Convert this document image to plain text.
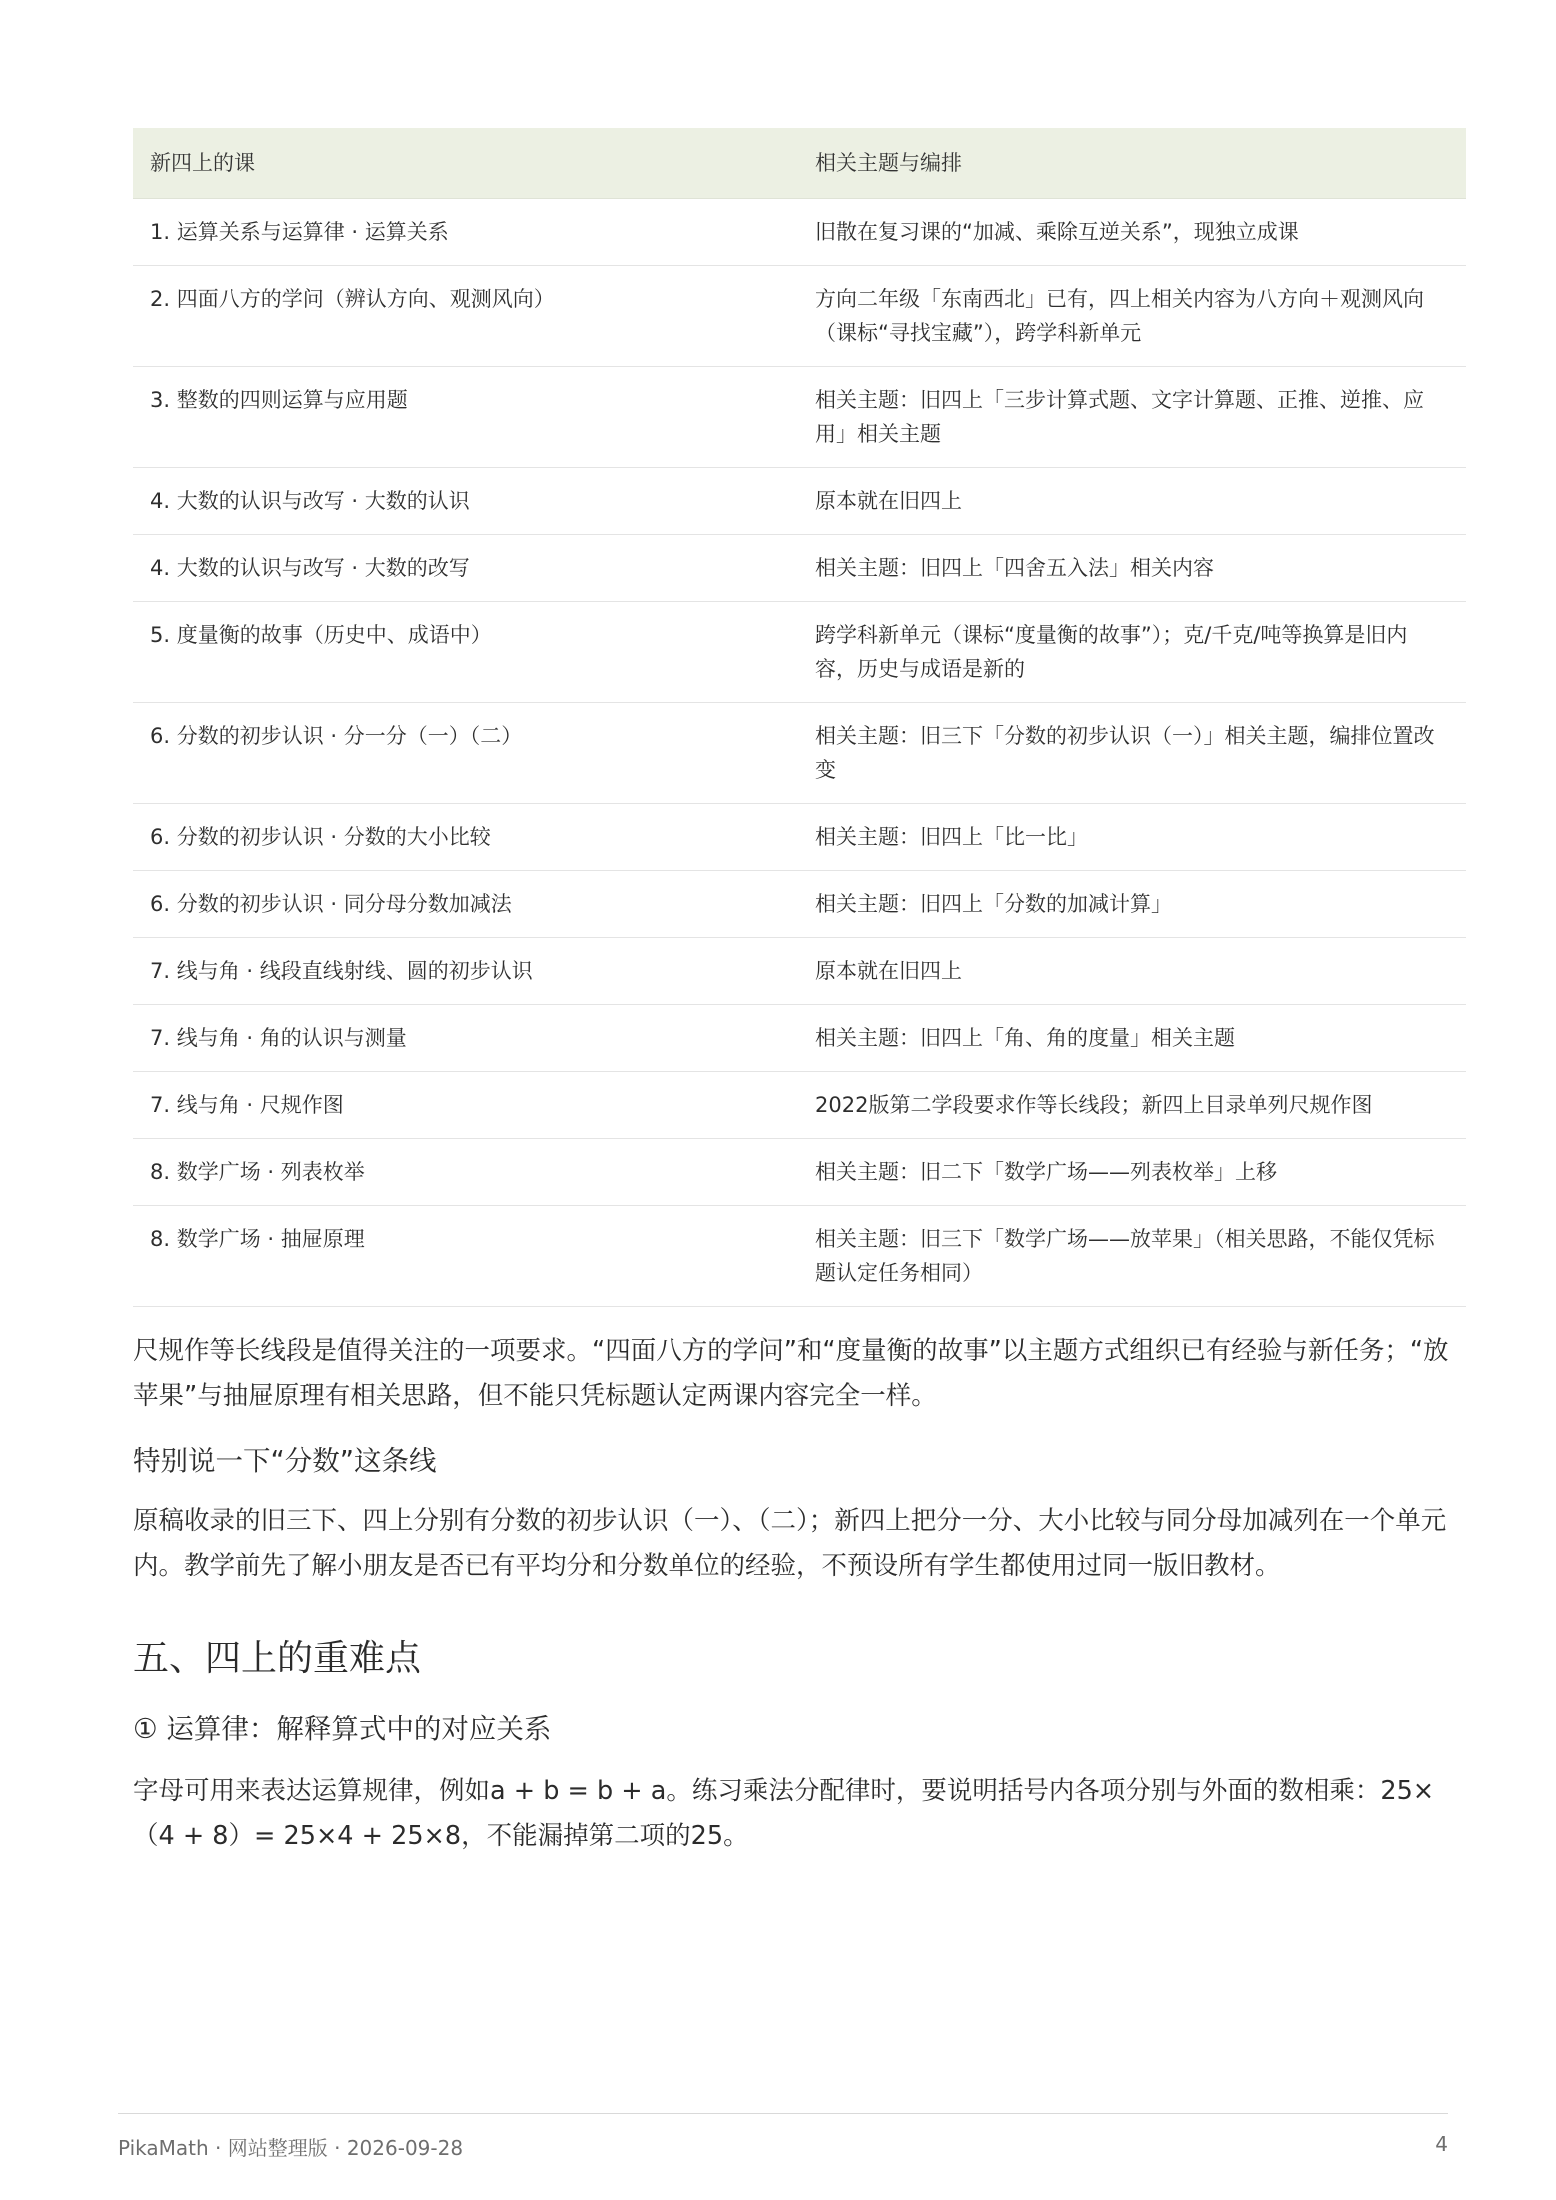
新四上的课	相关主题与编排
1. 运算关系与运算律 · 运算关系	旧散在复习课的“加减、乘除互逆关系”，现独立成课
2. 四面八方的学问（辨认方向、观测风向）	方向二年级「东南西北」已有，四上相关内容为八方向＋观测风向（课标“寻找宝藏”），跨学科新单元
3. 整数的四则运算与应用题	相关主题：旧四上「三步计算式题、文字计算题、正推、逆推、应用」相关主题
4. 大数的认识与改写 · 大数的认识	原本就在旧四上
4. 大数的认识与改写 · 大数的改写	相关主题：旧四上「四舍五入法」相关内容
5. 度量衡的故事（历史中、成语中）	跨学科新单元（课标“度量衡的故事”）；克/千克/吨等换算是旧内容，历史与成语是新的
6. 分数的初步认识 · 分一分（一）（二）	相关主题：旧三下「分数的初步认识（一）」相关主题，编排位置改变
6. 分数的初步认识 · 分数的大小比较	相关主题：旧四上「比一比」
6. 分数的初步认识 · 同分母分数加减法	相关主题：旧四上「分数的加减计算」
7. 线与角 · 线段直线射线、圆的初步认识	原本就在旧四上
7. 线与角 · 角的认识与测量	相关主题：旧四上「角、角的度量」相关主题
7. 线与角 · 尺规作图	2022版第二学段要求作等长线段；新四上目录单列尺规作图
8. 数学广场 · 列表枚举	相关主题：旧二下「数学广场——列表枚举」上移
8. 数学广场 · 抽屉原理	相关主题：旧三下「数学广场——放苹果」（相关思路，不能仅凭标题认定任务相同）

尺规作等长线段是值得关注的一项要求。“四面八方的学问”和“度量衡的故事”以主题方式组织已有经验与新任务；“放苹果”与抽屉原理有相关思路，但不能只凭标题认定两课内容完全一样。

特别说一下“分数”这条线

原稿收录的旧三下、四上分别有分数的初步认识（一）、（二）；新四上把分一分、大小比较与同分母加减列在一个单元内。教学前先了解小朋友是否已有平均分和分数单位的经验，不预设所有学生都使用过同一版旧教材。

五、四上的重难点
① 运算律：解释算式中的对应关系

字母可用来表达运算规律，例如a + b = b + a。练习乘法分配律时，要说明括号内各项分别与外面的数相乘：25×（4 + 8）= 25×4 + 25×8，不能漏掉第二项的25。

PikaMath · 网站整理版 · 2026-09-28	4
